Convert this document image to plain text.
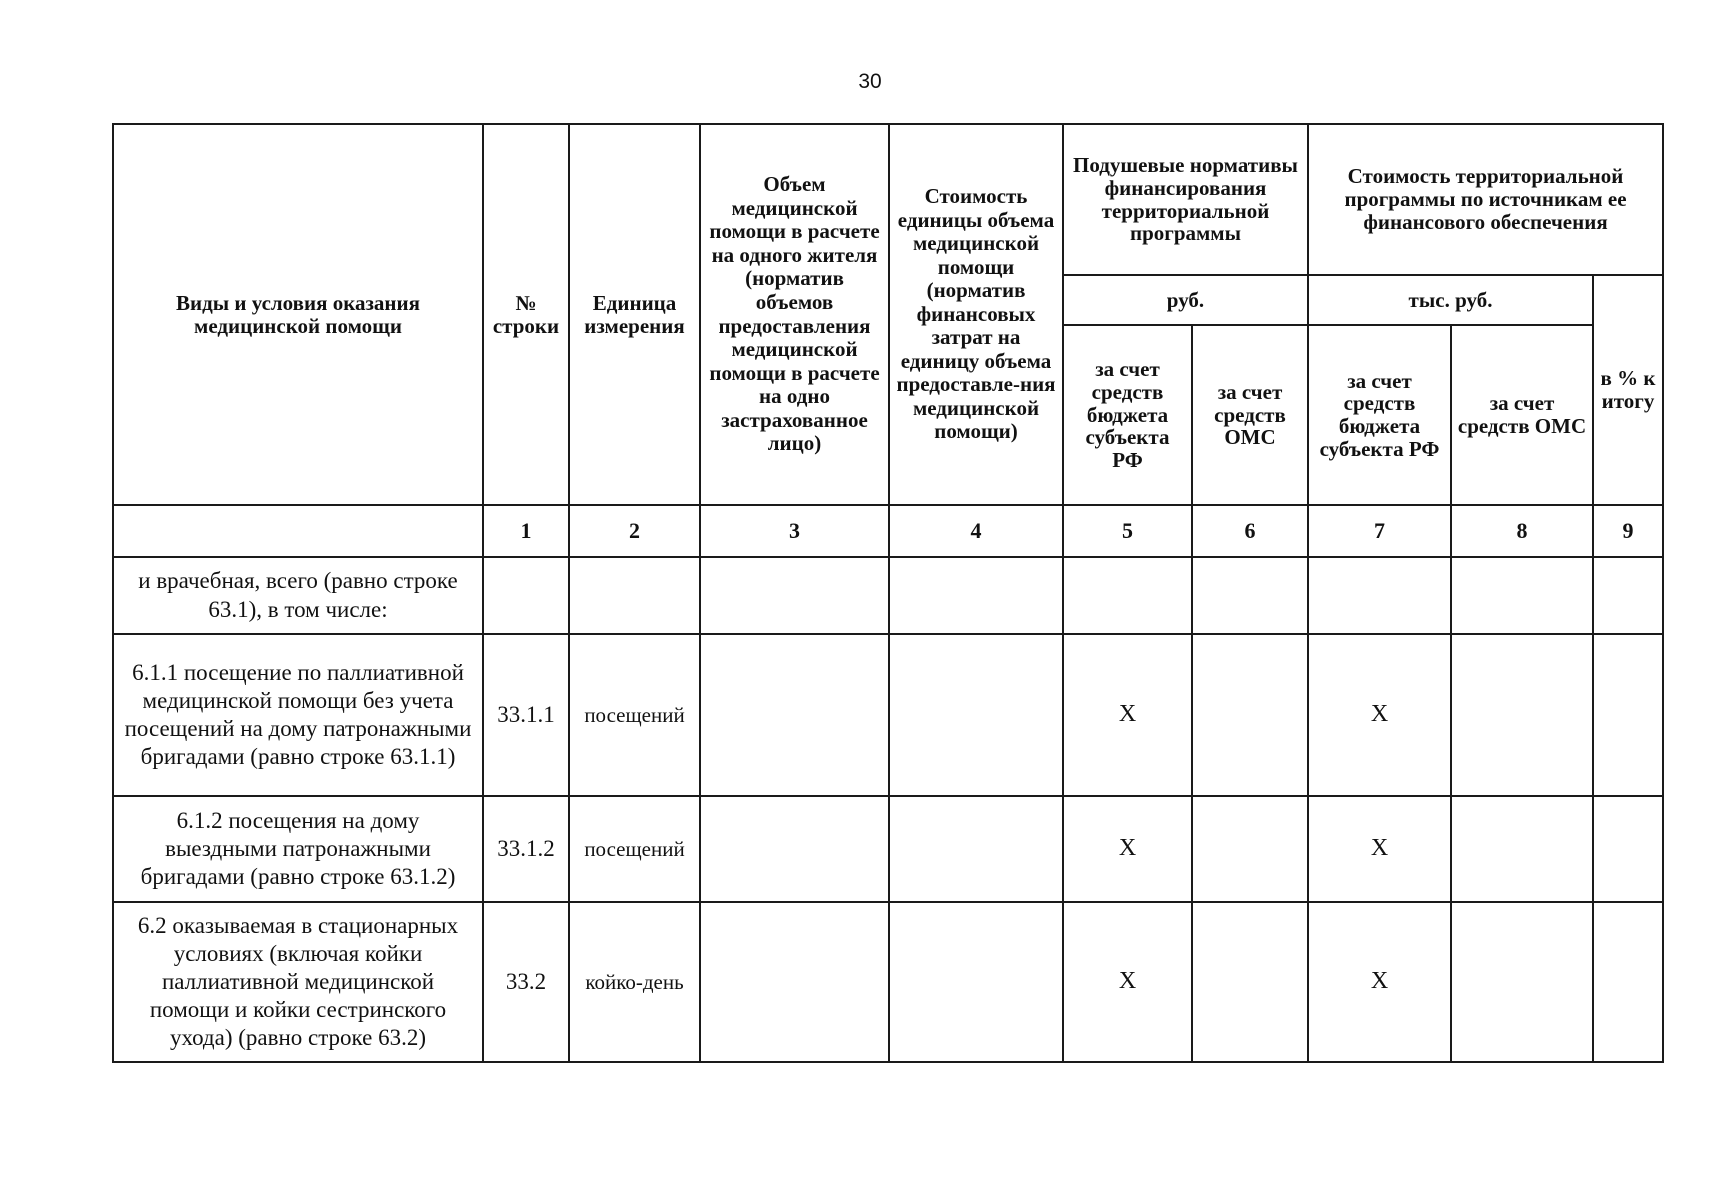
30
Виды и условия оказания медицинской помощи	№ строки	Единица измерения	Объем медицинской помощи в расчете на одного жителя (норматив объемов предоставления медицинской помощи в расчете на одно застрахованное лицо)	Стоимость единицы объема медицинской помощи (норматив финансовых затрат на единицу объема предоставле-ния медицинской помощи)	Подушевые нормативы финансирования территориальной программы		Стоимость территориальной программы по источникам ее финансового обеспечения		
					руб.		тыс. руб.		в % к итогу
					за счет средств бюджета субъекта РФ	за счет средств ОМС	за счет средств бюджета субъекта РФ	за счет средств ОМС	
	1	2	3	4	5	6	7	8	9
и врачебная, всего (равно строке 63.1), в том числе:									
6.1.1 посещение по паллиативной медицинской помощи без учета посещений на дому патронажными бригадами (равно строке 63.1.1)	33.1.1	посещений			X		X		
6.1.2 посещения на дому выездными патронажными бригадами (равно строке 63.1.2)	33.1.2	посещений			X		X		
6.2 оказываемая в стационарных условиях (включая койки паллиативной медицинской помощи и койки сестринского ухода) (равно строке 63.2)	33.2	койко-день			X		X		
